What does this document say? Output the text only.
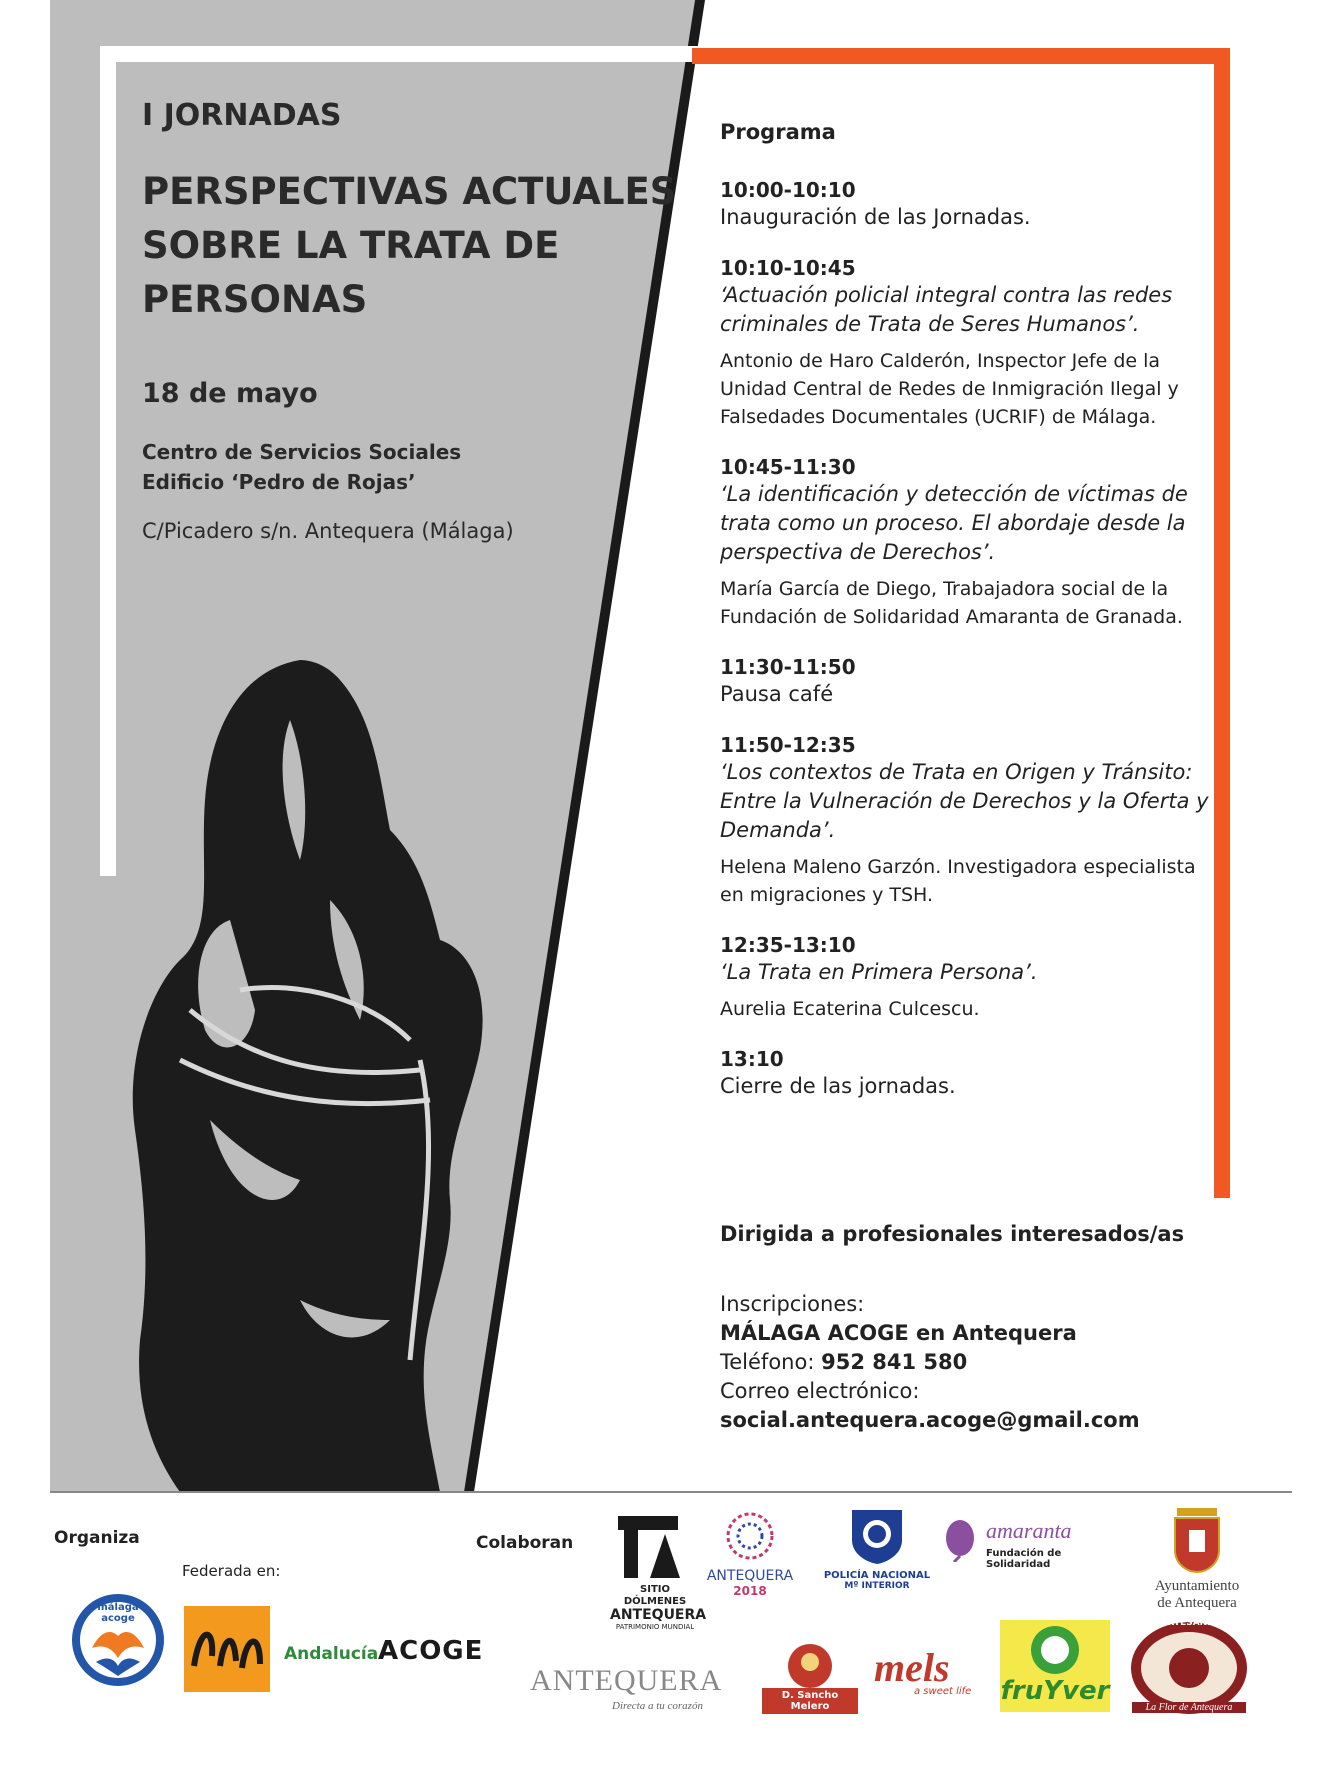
I JORNADAS
PERSPECTIVAS ACTUALES
SOBRE LA TRATA DE
PERSONAS
18 de mayo
Centro de Servicios Sociales
Edificio ‘Pedro de Rojas’
C/Picadero s/n. Antequera (Málaga)
Programa
10:00-10:10
Inauguración de las Jornadas.
10:10-10:45
‘Actuación policial integral contra las redes criminales de Trata de Seres Humanos’.
Antonio de Haro Calderón, Inspector Jefe de la Unidad Central de Redes de Inmigración Ilegal y Falsedades Documentales (UCRIF) de Málaga.
10:45-11:30
‘La identificación y detección de víctimas de trata como un proceso. El abordaje desde la perspectiva de Derechos’.
María García de Diego, Trabajadora social de la Fundación de Solidaridad Amaranta de Granada.
11:30-11:50
Pausa café
11:50-12:35
‘Los contextos de Trata en Origen y Tránsito: Entre la Vulneración de Derechos y la Oferta y Demanda’.
Helena Maleno Garzón. Investigadora especialista en migraciones y TSH.
12:35-13:10
‘La Trata en Primera Persona’.
Aurelia Ecaterina Culcescu.
13:10
Cierre de las jornadas.
Dirigida a profesionales interesados/as
Inscripciones:
MÁLAGA ACOGE en Antequera
Teléfono: 952 841 580
Correo electrónico:
social.antequera.acoge@gmail.com
Organiza
Federada en:
Colaboran
málaga acoge
Andalucía ACOGE
SITIO DÓLMENES
ANTEQUERA
PATRIMONIO MUNDIAL
ANTEQUERA
2018
POLICÍA NACIONAL
Mº INTERIOR
amaranta
Fundación de Solidaridad
Ayuntamiento
de Antequera
ANTEQUERA
Directa a tu corazón
D. Sancho Melero
mels
a sweet life fruYver
ARTESANÍA
La Flor de Antequera
